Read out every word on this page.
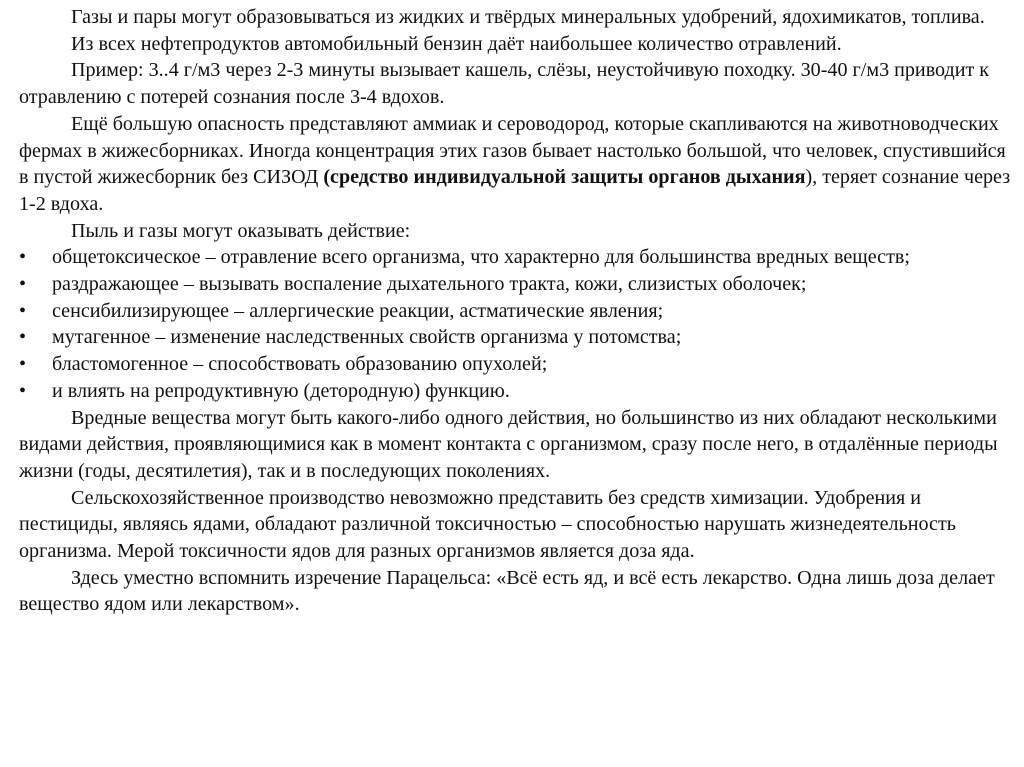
Газы и пары могут образовываться из жидких и твёрдых минеральных удобрений, ядохимикатов, топлива.

Из всех нефтепродуктов автомобильный бензин даёт наибольшее количество отравлений.

Пример: 3..4 г/м3 через 2-3 минуты вызывает кашель, слёзы, неустойчивую походку. 30-40 г/м3 приводит к отравлению с потерей сознания после 3-4 вдохов.

Ещё большую опасность представляют аммиак и сероводород, которые скапливаются на животноводческих фермах в жижесборниках. Иногда концентрация этих газов бывает настолько большой, что человек, спустившийся в пустой жижесборник без СИЗОД (средство индивидуальной защиты органов дыхания), теряет сознание через 1-2 вдоха.

Пыль и газы могут оказывать действие:

• общетоксическое – отравление всего организма, что характерно для большинства вредных веществ;
• раздражающее – вызывать воспаление дыхательного тракта, кожи, слизистых оболочек;
• сенсибилизирующее – аллергические реакции, астматические явления;
• мутагенное – изменение наследственных свойств организма у потомства;
• бластомогенное – способствовать образованию опухолей;
• и влиять на репродуктивную (детородную) функцию.

Вредные вещества могут быть какого-либо одного действия, но большинство из них обладают несколькими видами действия, проявляющимися как в момент контакта с организмом, сразу после него, в отдалённые периоды жизни (годы, десятилетия), так и в последующих поколениях.

Сельскохозяйственное производство невозможно представить без средств химизации. Удобрения и пестициды, являясь ядами, обладают различной токсичностью – способностью нарушать жизнедеятельность организма. Мерой токсичности ядов для разных организмов является доза яда.

Здесь уместно вспомнить изречение Парацельса: «Всё есть яд, и всё есть лекарство. Одна лишь доза делает вещество ядом или лекарством».
